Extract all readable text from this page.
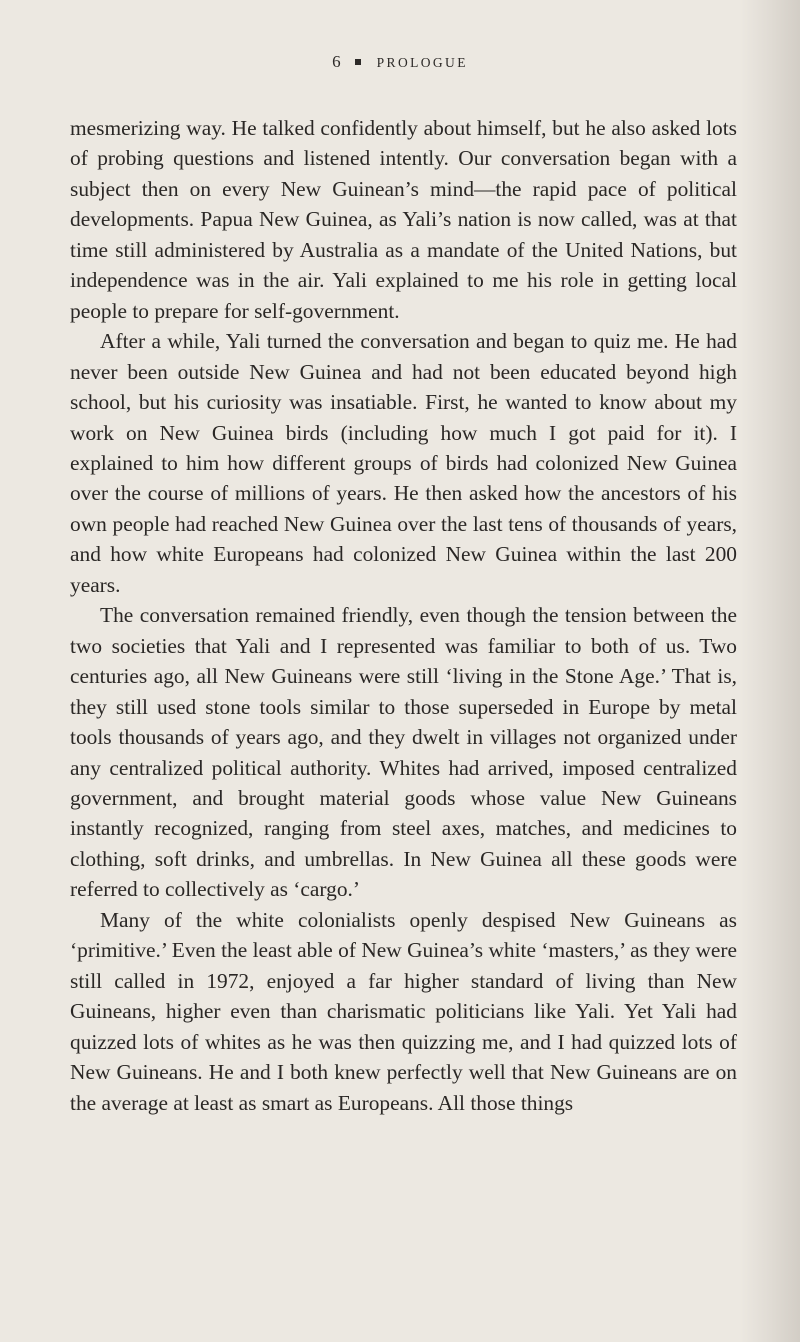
6	PROLOGUE

mesmerizing way. He talked confidently about himself, but he also asked lots of probing questions and listened intently. Our conversation began with a subject then on every New Guinean’s mind—the rapid pace of political developments. Papua New Guinea, as Yali’s nation is now called, was at that time still administered by Australia as a mandate of the United Nations, but independence was in the air. Yali explained to me his role in getting local people to prepare for self-government.

After a while, Yali turned the conversation and began to quiz me. He had never been outside New Guinea and had not been educated beyond high school, but his curiosity was insatiable. First, he wanted to know about my work on New Guinea birds (including how much I got paid for it). I explained to him how different groups of birds had colonized New Guinea over the course of millions of years. He then asked how the ancestors of his own people had reached New Guinea over the last tens of thousands of years, and how white Europeans had colonized New Guinea within the last 200 years.

The conversation remained friendly, even though the tension between the two societies that Yali and I represented was familiar to both of us. Two centuries ago, all New Guineans were still ‘living in the Stone Age.’ That is, they still used stone tools similar to those superseded in Europe by metal tools thousands of years ago, and they dwelt in villages not organized under any centralized political authority. Whites had arrived, imposed centralized government, and brought material goods whose value New Guineans instantly recognized, ranging from steel axes, matches, and medicines to clothing, soft drinks, and umbrellas. In New Guinea all these goods were referred to collectively as ‘cargo.’

Many of the white colonialists openly despised New Guineans as ‘primitive.’ Even the least able of New Guinea’s white ‘masters,’ as they were still called in 1972, enjoyed a far higher standard of living than New Guineans, higher even than charismatic politicians like Yali. Yet Yali had quizzed lots of whites as he was then quizzing me, and I had quizzed lots of New Guineans. He and I both knew perfectly well that New Guineans are on the average at least as smart as Europeans. All those things
